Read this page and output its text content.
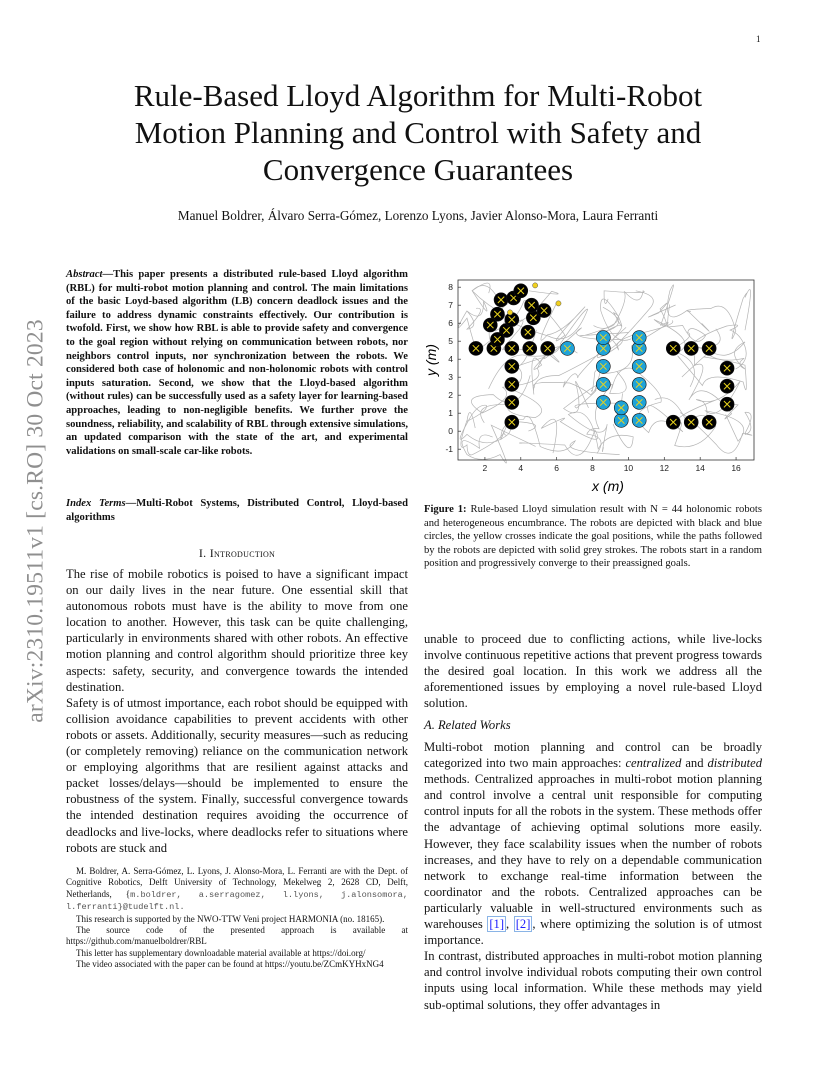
1
arXiv:2310.19511v1 [cs.RO] 30 Oct 2023
Rule-Based Lloyd Algorithm for Multi-Robot
Motion Planning and Control with Safety and
Convergence Guarantees
Manuel Boldrer, Álvaro Serra-Gómez, Lorenzo Lyons, Javier Alonso-Mora, Laura Ferranti
Abstract—This paper presents a distributed rule-based Lloyd algorithm (RBL) for multi-robot motion planning and control. The main limitations of the basic Loyd-based algorithm (LB) concern deadlock issues and the failure to address dynamic constraints effectively. Our contribution is twofold. First, we show how RBL is able to provide safety and convergence to the goal region without relying on communication between robots, nor neighbors control inputs, nor synchronization between the robots. We considered both case of holonomic and non-holonomic robots with control inputs saturation. Second, we show that the Lloyd-based algorithm (without rules) can be successfully used as a safety layer for learning-based approaches, leading to non-negligible benefits. We further prove the soundness, reliability, and scalability of RBL through extensive simulations, an updated comparison with the state of the art, and experimental validations on small-scale car-like robots.
Index Terms—Multi-Robot Systems, Distributed Control, Lloyd-based algorithms
I. Introduction

The rise of mobile robotics is poised to have a significant impact on our daily lives in the near future. One essential skill that autonomous robots must have is the ability to move from one location to another. However, this task can be quite challenging, particularly in environments shared with other robots. An effective motion planning and control algorithm should prioritize three key aspects: safety, security, and convergence towards the intended destination.

Safety is of utmost importance, each robot should be equipped with collision avoidance capabilities to prevent accidents with other robots or assets. Additionally, security measures—such as reducing (or completely removing) reliance on the communication network or employing algorithms that are resilient against attacks and packet losses/delays—should be implemented to ensure the robustness of the system. Finally, successful convergence towards the intended destination requires avoiding the occurrence of deadlocks and live-locks, where deadlocks refer to situations where robots are stuck and

M. Boldrer, A. Serra-Gómez, L. Lyons, J. Alonso-Mora, L. Ferranti are with the Dept. of Cognitive Robotics, Delft University of Technology, Mekelweg 2, 2628 CD, Delft, Netherlands, {m.boldrer, a.serragomez, l.lyons, j.alonsomora, l.ferranti}@tudelft.nl.

This research is supported by the NWO-TTW Veni project HARMONIA (no. 18165).

The source code of the presented approach is available at https://github.com/manuelboldrer/RBL

This letter has supplementary downloadable material available at https://doi.org/

The video associated with the paper can be found at https://youtu.be/ZCmKYHxNG4

2	4	6	8	10	12	14	16
-1
0
1
2
3
4
5
6
7
8
x (m)
y (m)
Figure 1: Rule-based Lloyd simulation result with N = 44 holonomic robots and heterogeneous encumbrance. The robots are depicted with black and blue circles, the yellow crosses indicate the goal positions, while the paths followed by the robots are depicted with solid grey strokes. The robots start in a random position and progressively converge to their preassigned goals.
unable to proceed due to conflicting actions, while live-locks involve continuous repetitive actions that prevent progress towards the desired goal location. In this work we address all the aforementioned issues by employing a novel rule-based Lloyd solution.
A. Related Works

Multi-robot motion planning and control can be broadly categorized into two main approaches: centralized and distributed methods. Centralized approaches in multi-robot motion planning and control involve a central unit responsible for computing control inputs for all the robots in the system. These methods offer the advantage of achieving optimal solutions more easily. However, they face scalability issues when the number of robots increases, and they have to rely on a dependable communication network to exchange real-time information between the coordinator and the robots. Centralized approaches can be particularly valuable in well-structured environments such as warehouses [1] , [2] , where optimizing the solution is of utmost importance.

In contrast, distributed approaches in multi-robot motion planning and control involve individual robots computing their own control inputs using local information. While these methods may yield sub-optimal solutions, they offer advantages in
